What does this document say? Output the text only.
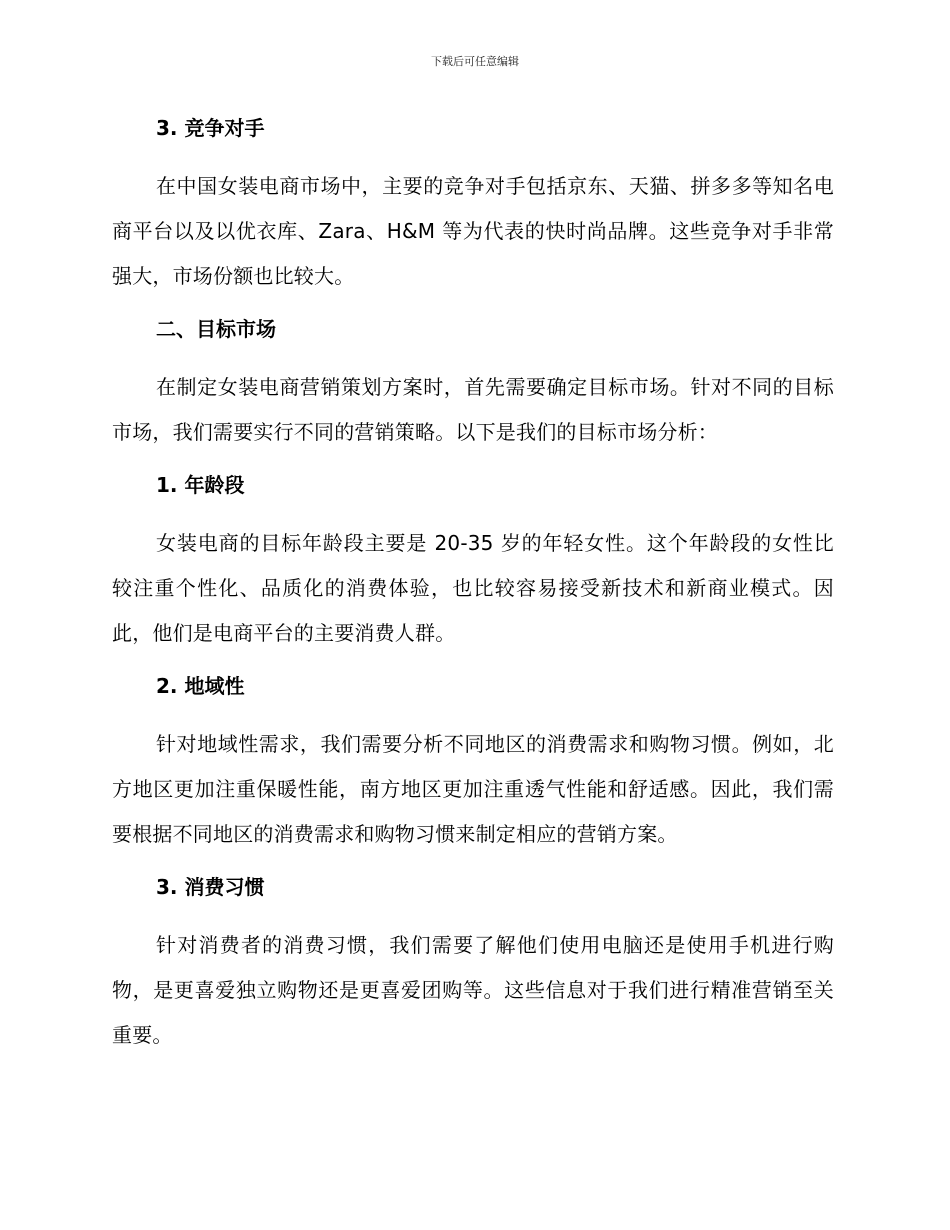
下载后可任意编辑
3. 竞争对手

在中国女装电商市场中，主要的竞争对手包括京东、天猫、拼多多等知名电商平台以及以优衣库、Zara、H&M 等为代表的快时尚品牌。这些竞争对手非常强大，市场份额也比较大。

二、目标市场

在制定女装电商营销策划方案时，首先需要确定目标市场。针对不同的目标市场，我们需要实行不同的营销策略。以下是我们的目标市场分析：

1. 年龄段

女装电商的目标年龄段主要是 20-35 岁的年轻女性。这个年龄段的女性比较注重个性化、品质化的消费体验，也比较容易接受新技术和新商业模式。因此，他们是电商平台的主要消费人群。

2. 地域性

针对地域性需求，我们需要分析不同地区的消费需求和购物习惯。例如，北方地区更加注重保暖性能，南方地区更加注重透气性能和舒适感。因此，我们需要根据不同地区的消费需求和购物习惯来制定相应的营销方案。

3. 消费习惯

针对消费者的消费习惯，我们需要了解他们使用电脑还是使用手机进行购物，是更喜爱独立购物还是更喜爱团购等。这些信息对于我们进行精准营销至关重要。
